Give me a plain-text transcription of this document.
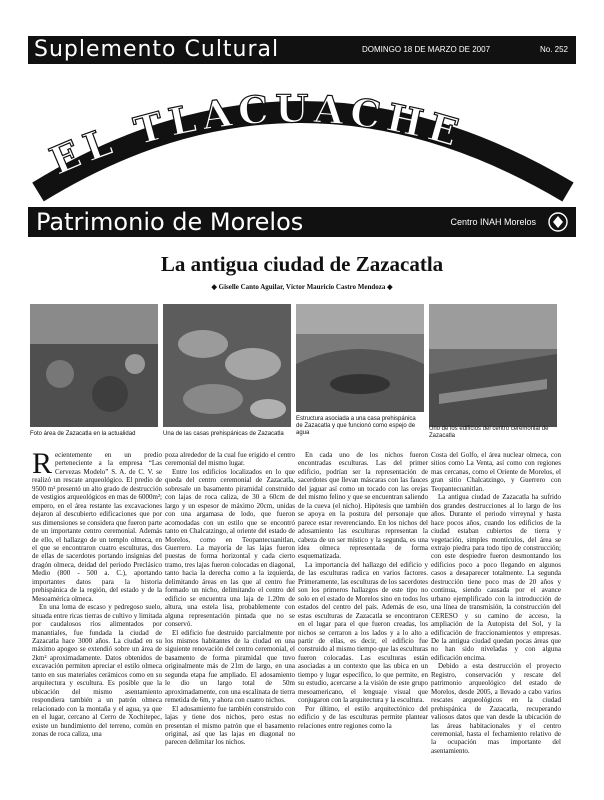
Suplemento Cultural	DOMINGO 18 DE MARZO DE 2007	No. 252
EL TLACUACHE
Patrimonio de Morelos	Centro INAH Morelos
La antigua ciudad de Zazacatla
◆ Giselle Canto Aguilar, Víctor Mauricio Castro Mendoza ◆
Foto área de Zazacatla en la actualidad	Una de las casas prehispánicas de Zazacatla
Estructura asociada a una casa prehispánica de Zazacatla y que funcionó como espejo de agua
Uno de los edificios del centro ceremonial de Zazacatla

Recientemente en un predio perteneciente a la empresa “Las Cervezas Modelo” S. A. de C. V. se realizó un rescate arqueológico. El predio de 9500 m² presentó un alto grado de destrucción de vestigios arqueológicos en mas de 6000m²; empero, en el área restante las excavaciones dejaron al descubierto edificaciones que por sus dimensiones se considera que fueron parte de un importante centro ceremonial. Además de ello, el hallazgo de un templo olmeca, en el que se encontraron cuatro esculturas, dos de ellas de sacerdotes portando insignias del dragón olmeca, deidad del periodo Preclásico Medio (800 - 500 a. C.), aportando importantes datos para la historia prehispánica de la región, del estado y de la Mesoamérica olmeca.

En una loma de escaso y pedregoso suelo, situada entre ricas tierras de cultivo y limitada por caudalosos ríos alimentados por manantiales, fue fundada la ciudad de Zazacatla hace 3000 años. La ciudad en su máximo apogeo se extendió sobre un área de 2km² aproximadamente. Datos obtenidos de excavación permiten apreciar el estilo olmeca tanto en sus materiales cerámicos como en su arquitectura y escultura. Es posible que la ubicación del mismo asentamiento respondiera también a un patrón olmeca relacionado con la montaña y el agua, ya que en el lugar, cercano al Cerro de Xochitepec, existe un hundimiento del terreno, común en zonas de roca caliza, una

poza alrededor de la cual fue erigido el centro ceremonial del mismo lugar.

Entre los edificios localizados en lo que queda del centro ceremonial de Zazacatla, sobresale un basamento piramidal construido con lajas de roca caliza, de 30 a 60cm de largo y un espesor de máximo 20cm, unidas con una argamasa de lodo, que fueron acomodadas con un estilo que se encontró tanto en Chalcatzingo, al oriente del estado de Morelos, como en Teopantecuanitlan, Guerrero. La mayoría de las lajas fueron puestas de forma horizontal y cada cierto tramo, tres lajas fueron colocadas en diagonal, tanto hacia la derecha como a la izquierda, delimitando áreas en las que al centro fue formado un nicho, delimitando el centro del edificio se encuentra una laja de 1.20m de altura, una estela lisa, probablemente con alguna representación pintada que no se conservó.

El edificio fue destruido parcialmente por los mismos habitantes de la ciudad en una siguiente renovación del centro ceremonial, el basamento de forma piramidal que tuvo originalmente más de 21m de largo, en una segunda etapa fue ampliado. El adosamiento le dio un largo total de 50m aproximadamente, con una escalinata de tierra remetida de 6m, y ahora con cuatro nichos.

El adosamiento fue también construido con lajas y tiene dos nichos, pero estas no presentan el mismo patrón que el basamento original, así que las lajas en diagonal no parecen delimitar los nichos.

En cada uno de los nichos fueron encontradas esculturas. Las del primer edificio, podrían ser la representación de sacerdotes que llevan máscaras con las fauces del jaguar así como un tocado con las orejas del mismo felino y que se encuentran saliendo de la cueva (el nicho). Hipótesis que también se apoya en la postura del personaje que parece estar reverenciando. En los nichos del adosamiento las esculturas representan la cabeza de un ser místico y la segunda, es una idea olmeca representada de forma esquematizada.

La importancia del hallazgo del edificio y de las esculturas radica en varios factores. Primeramente, las esculturas de los sacerdotes son los primeros hallazgos de este tipo no solo en el estado de Morelos sino en todos los estados del centro del país. Además de eso, estas esculturas de Zazacatla se encontraron en el lugar para el que fueron creadas, los nichos se cerraron a los lados y a lo alto a partir de ellas, es decir, el edificio fue construido al mismo tiempo que las esculturas fueron colocadas. Las esculturas están asociadas a un contexto que las ubica en un tiempo y lugar específico, lo que permite, en su estudio, acercarse a la visión de este grupo mesoamericano, el lenguaje visual que conjugaron con la arquitectura y la escultura.

Por último, el estilo arquitectónico del edificio y de las esculturas permite plantear relaciones entre regiones como la

Costa del Golfo, el área nuclear olmeca, con sitios como La Venta, así como con regiones mas cercanas, como el Oriente de Morelos, el gran sitio Chalcatzingo, y Guerrero con Teopantecuanitlan.

La antigua ciudad de Zazacatla ha sufrido dos grandes destrucciones al lo largo de los años. Durante el periodo virreynal y hasta hace pocos años, cuando los edificios de la ciudad estaban cubiertos de tierra y vegetación, simples montículos, del área se extrajo piedra para todo tipo de construcción; con este despiedre fueron desmontando los edificios poco a poco llegando en algunos casos a desaparecer totalmente. La segunda destrucción tiene poco mas de 20 años y continua, siendo causada por el avance urbano ejemplificado con la introducción de una línea de transmisión, la construcción del CERESO y su camino de acceso, la ampliación de la Autopista del Sol, y la edificación de fraccionamientos y empresas. De la antigua ciudad quedan pocas áreas que no han sido niveladas y con alguna edificación encima.

Debido a esta destrucción el proyecto Registro, conservación y rescate del patrimonio arqueológico del estado de Morelos, desde 2005, a llevado a cabo varios rescates arqueológicos en la ciudad prehispánica de Zazacatla, recuperando valiosos datos que van desde la ubicación de las áreas habitacionales y el centro ceremonial, hasta el fechamiento relativo de la ocupación mas importante del asentamiento.
